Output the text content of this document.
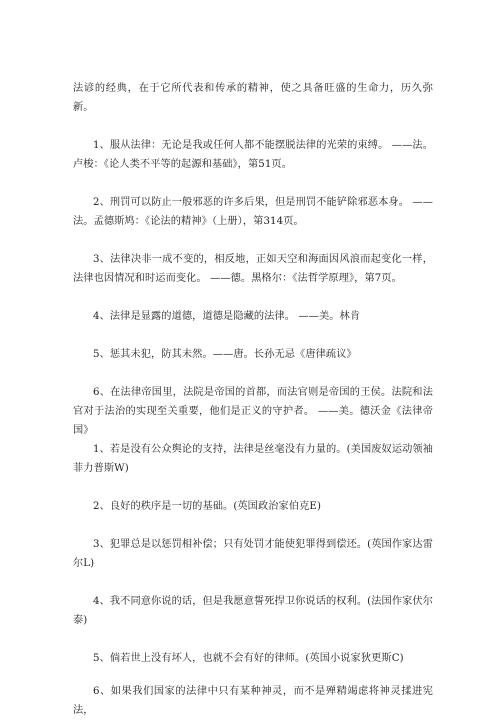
法谚的经典，在于它所代表和传承的精神，使之具备旺盛的生命力，历久弥新。

1、服从法律：无论是我或任何人都不能摆脱法律的光荣的束缚。 ——法。卢梭：《论人类不平等的起源和基础》，第51页。

2、刑罚可以防止一般邪恶的许多后果，但是刑罚不能铲除邪恶本身。 ——法。孟德斯鸠：《论法的精神》（上册），第314页。

3、法律决非一成不变的，相反地，正如天空和海面因风浪而起变化一样，法律也因情况和时运而变化。 ——德。黑格尔：《法哲学原理》，第7页。

4、法律是显露的道德，道德是隐藏的法律。 ——美。林肯

5、惩其未犯，防其未然。——唐。长孙无忌《唐律疏议》

6、在法律帝国里，法院是帝国的首都，而法官则是帝国的王侯。法院和法官对于法治的实现至关重要，他们是正义的守护者。 ——美。德沃金《法律帝国》

1、若是没有公众舆论的支持，法律是丝毫没有力量的。(美国废奴运动领袖菲力普斯W)

2、良好的秩序是一切的基础。(英国政治家伯克E)

3、犯罪总是以惩罚相补偿；只有处罚才能使犯罪得到偿还。(英国作家达雷尔L)

4、我不同意你说的话，但是我愿意誓死捍卫你说话的权利。(法国作家伏尔泰)

5、倘若世上没有坏人，也就不会有好的律师。(英国小说家狄更斯C)

6、如果我们国家的法律中只有某种神灵，而不是殚精竭虑将神灵揉进宪法，
